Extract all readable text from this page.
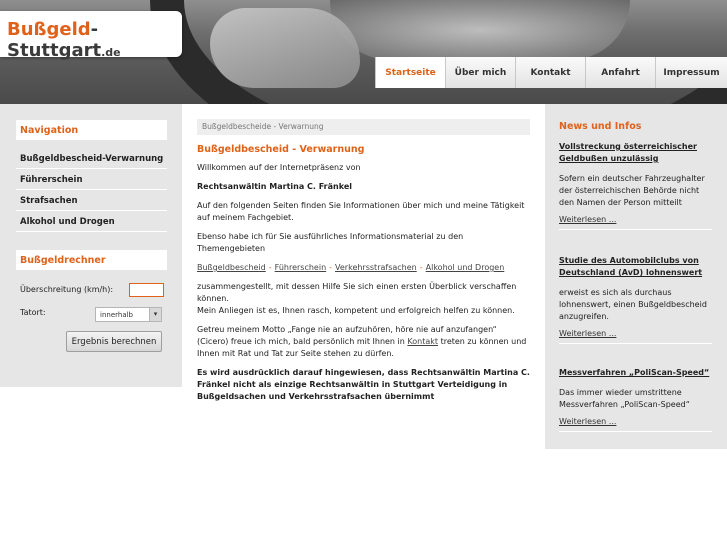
Bußgeld-Stuttgart.de
Startseite	Über mich	Kontakt	Anfahrt	Impressum
Navigation
Bußgeldbescheid-Verwarnung
Führerschein
Strafsachen
Alkohol und Drogen
Bußgeldrechner
Überschreitung (km/h):
Tatort:	innerhalb	▾
Ergebnis berechnen
Bußgeldbescheide - Verwarnung
Bußgeldbescheid - Verwarnung

Willkommen auf der Internetpräsenz von

Rechtsanwältin Martina C. Fränkel

Auf den folgenden Seiten finden Sie Informationen über mich und meine Tätigkeit auf meinem Fachgebiet.

Ebenso habe ich für Sie ausführliches Informationsmaterial zu den Themengebieten

Bußgeldbescheid - Führerschein - Verkehrsstrafsachen - Alkohol und Drogen

zusammengestellt, mit dessen Hilfe Sie sich einen ersten Überblick verschaffen können.
Mein Anliegen ist es, Ihnen rasch, kompetent und erfolgreich helfen zu können.

Getreu meinem Motto „Fange nie an aufzuhören, höre nie auf anzufangen“ (Cicero) freue ich mich, bald persönlich mit Ihnen in Kontakt treten zu können und Ihnen mit Rat und Tat zur Seite stehen zu dürfen.

Es wird ausdrücklich darauf hingewiesen, dass Rechtsanwältin Martina C. Fränkel nicht als einzige Rechtsanwältin in Stuttgart Verteidigung in Bußgeldsachen und Verkehrsstrafsachen übernimmt

News und Infos
Vollstreckung österreichischer Geldbußen unzulässig
Sofern ein deutscher Fahrzeughalter der österreichischen Behörde nicht den Namen der Person mitteilt
Weiterlesen ...
Studie des Automobilclubs von Deutschland (AvD) lohnenswert
erweist es sich als durchaus lohnenswert, einen Bußgeldbescheid anzugreifen.
Weiterlesen ...
Messverfahren „PoliScan-Speed“
Das immer wieder umstrittene Messverfahren „PoliScan-Speed“
Weiterlesen ...
